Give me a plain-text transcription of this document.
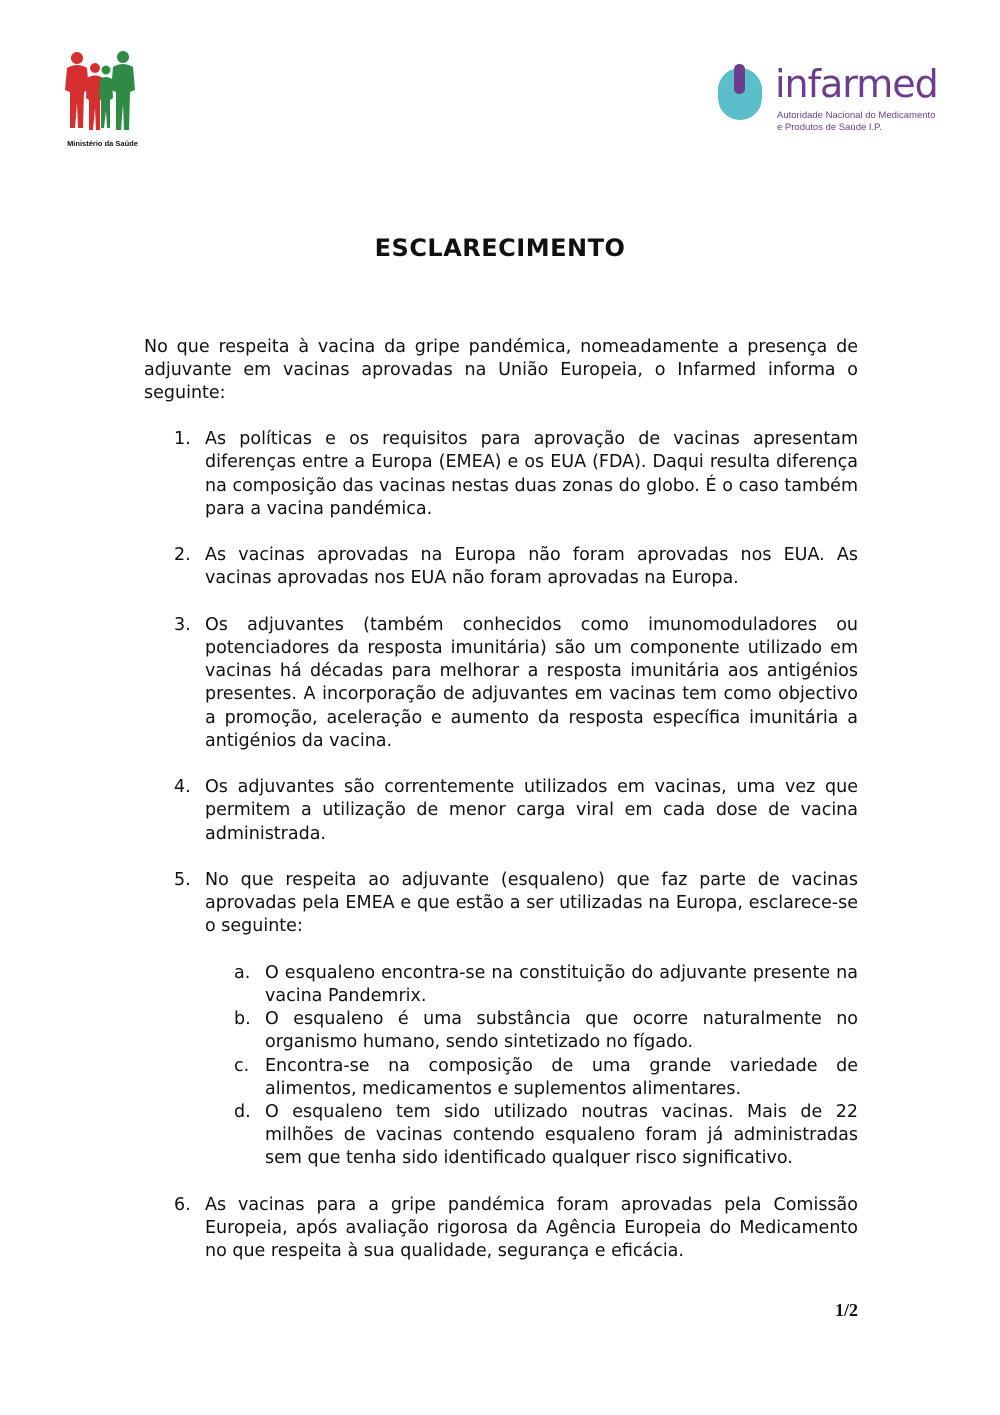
Ministério da Saúde
infarmed
Autoridade Nacional do Medicamento
e Produtos de Saúde I.P.
ESCLARECIMENTO

No que respeita à vacina da gripe pandémica, nomeadamente a presença de adjuvante em vacinas aprovadas na União Europeia, o Infarmed informa o seguinte:

1. As políticas e os requisitos para aprovação de vacinas apresentam diferenças entre a Europa (EMEA) e os EUA (FDA). Daqui resulta diferença na composição das vacinas nestas duas zonas do globo. É o caso também para a vacina pandémica.
2. As vacinas aprovadas na Europa não foram aprovadas nos EUA. As vacinas aprovadas nos EUA não foram aprovadas na Europa.
3. Os adjuvantes (também conhecidos como imunomoduladores ou potenciadores da resposta imunitária) são um componente utilizado em vacinas há décadas para melhorar a resposta imunitária aos antigénios presentes. A incorporação de adjuvantes em vacinas tem como objectivo a promoção, aceleração e aumento da resposta específica imunitária a antigénios da vacina.
4. Os adjuvantes são correntemente utilizados em vacinas, uma vez que permitem a utilização de menor carga viral em cada dose de vacina administrada.
5. No que respeita ao adjuvante (esqualeno) que faz parte de vacinas aprovadas pela EMEA e que estão a ser utilizadas na Europa, esclarece-se o seguinte:
a. O esqualeno encontra-se na constituição do adjuvante presente na vacina Pandemrix.
b. O esqualeno é uma substância que ocorre naturalmente no organismo humano, sendo sintetizado no fígado.
c. Encontra-se na composição de uma grande variedade de alimentos, medicamentos e suplementos alimentares.
d. O esqualeno tem sido utilizado noutras vacinas. Mais de 22 milhões de vacinas contendo esqualeno foram já administradas sem que tenha sido identificado qualquer risco significativo.
6. As vacinas para a gripe pandémica foram aprovadas pela Comissão Europeia, após avaliação rigorosa da Agência Europeia do Medicamento no que respeita à sua qualidade, segurança e eficácia.
1/2
